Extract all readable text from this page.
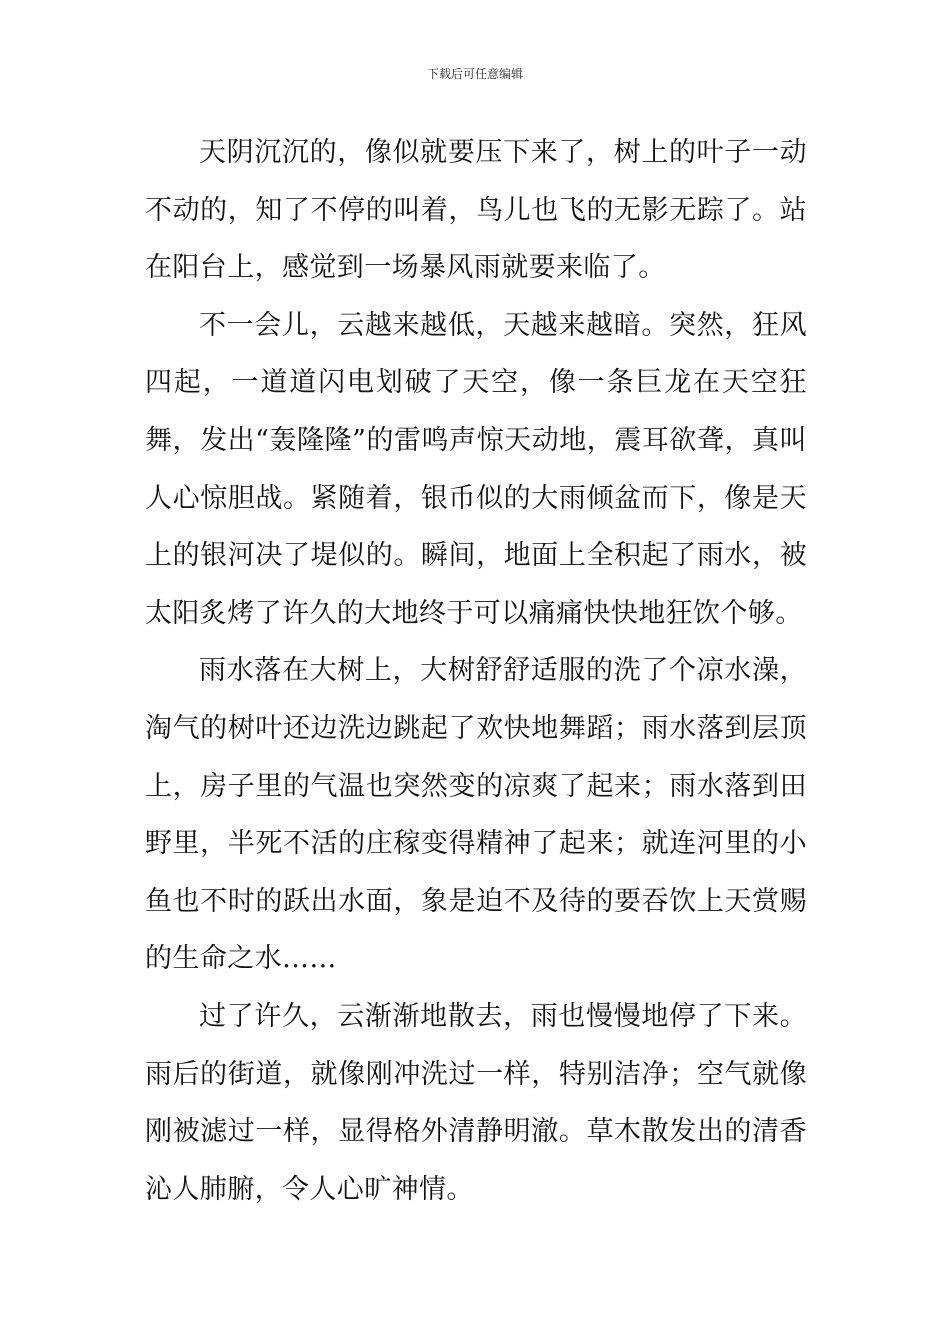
下载后可任意编辑

天阴沉沉的，像似就要压下来了，树上的叶子一动不动的，知了不停的叫着，鸟儿也飞的无影无踪了。站在阳台上，感觉到一场暴风雨就要来临了。

不一会儿，云越来越低，天越来越暗。突然，狂风四起，一道道闪电划破了天空，像一条巨龙在天空狂舞，发出“轰隆隆”的雷鸣声惊天动地，震耳欲聋，真叫人心惊胆战。紧随着，银币似的大雨倾盆而下，像是天上的银河决了堤似的。瞬间，地面上全积起了雨水，被太阳炙烤了许久的大地终于可以痛痛快快地狂饮个够。

雨水落在大树上，大树舒舒适服的洗了个凉水澡，淘气的树叶还边洗边跳起了欢快地舞蹈；雨水落到层顶上，房子里的气温也突然变的凉爽了起来；雨水落到田野里，半死不活的庄稼变得精神了起来；就连河里的小鱼也不时的跃出水面，象是迫不及待的要吞饮上天赏赐的生命之水……

过了许久，云渐渐地散去，雨也慢慢地停了下来。雨后的街道，就像刚冲洗过一样，特别洁净；空气就像刚被滤过一样，显得格外清静明澈。草木散发出的清香沁人肺腑，令人心旷神情。
